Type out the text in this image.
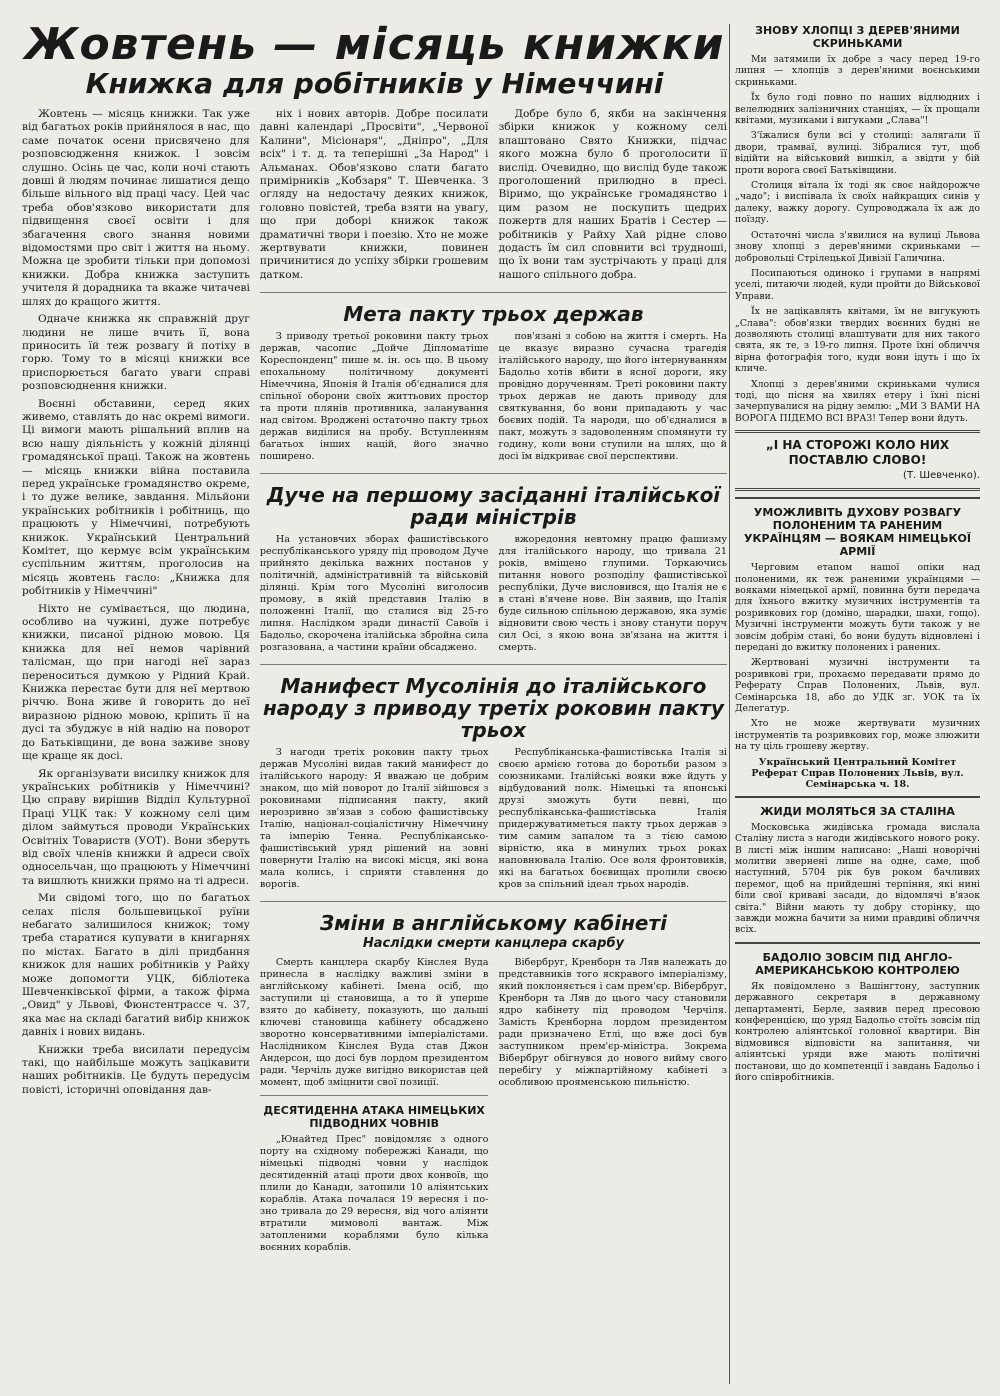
Жовтень — місяць книжки
Книжка для робітників у Німеччині

Жовтень — місяць книжки. Так уже від багатьох років прийнялося в нас, що саме початок осени присвячено для розповсюдження книжок. І зовсім слушно. Осінь це час, коли ночі стають довші й людям починає лишатися дещо більше вільного від праці часу. Цей час треба обов'язково використати для підвищення своєї освіти і для збагачення свого знання новими відомостями про світ і життя на ньому. Можна це зробити тільки при допомозі книжки. Добра книжка заступить учителя й дорадника та вкаже читачеві шлях до кращого життя.

Одначе книжка як справжній друг людини не лише вчить її, вона приносить їй теж розвагу й потіху в горю. Тому то в місяці книжки все приспорюється багато уваги справі розповсюднення книжки.

Воєнні обставини, серед яких живемо, ставлять до нас окремі вимоги. Ці вимоги мають рішальний вплив на всю нашу діяльність у кожній ділянці громадянської праці. Також на жовтень — місяць книжки війна поставила перед українське громадянство окреме, і то дуже велике, завдання. Мільйони українських робітників і робітниць, що працюють у Німеччині, потребують книжок. Український Центральний Комітет, що кермує всім українським суспільним життям, проголосив на місяць жовтень гасло: „Книжка для робітників у Німеччині"

Ніхто не сумівається, що людина, особливо на чужині, дуже потребує книжки, писаної рідною мовою. Ця книжка для неї немов чарівний талісман, що при нагоді неї зараз переноситься думкою у Рідний Край. Книжка перестає бути для неї мертвою річчю. Вона живе й говорить до неї виразною рідною мовою, кріпить її на дусі та збуджує в ній надію на поворот до Батьківщини, де вона заживе знову ще краще як досі.

Як організувати висилку книжок для українських робітників у Німеччині? Цю справу вирішив Відділ Культурної Праці УЦК так: У кожному селі цим ділом займуться проводи Українських Освітніх Товариств (УОТ). Вони зберуть від своїх членів книжки й адреси своїх односельчан, що працюють у Німеччині та вишлють книжки прямо на ті адреси.

Ми свідомі того, що по багатьох селах після большевицької руїни небагато залишилося книжок; тому треба старатися купувати в книгарнях по містах. Багато в ділі придбання книжок для наших робітників у Райху може допомогти УЦК, бібліотека Шевченківської фірми, а також фірма „Овид" у Львові, Фюнстентрассе ч. 37, яка має на складі багатий вибір книжок давніх і нових видань.

Книжки треба висилати передусім такі, що найбільше можуть зацікавити наших робітників. Це будуть передусім повісті, історичні оповідання дав-

ніх і нових авторів. Добре посилати давні календарі „Просвіти", „Червоної Калини", Місіонаря", „Дніпро", „Для всіх" і т. д. та теперішні „За Народ" і Альманах. Обов'язково слати багато примірників „Кобзаря" Т. Шевченка. З огляду на недостачу деяких книжок, головно повістей, треба взяти на увагу, що при доборі книжок також драматичні твори і поезію. Хто не може жертвувати книжки, повинен причинитися до успіху збірки грошевим датком.

Добре було б, якби на закінчення збірки книжок у кожному селі влаштовано Свято Книжки, підчас якого можна було б проголосити її вислід. Очевидно, що вислід буде також проголошений прилюдно в пресі. Віримо, що українське громадянство і цим разом не поскупить щедрих пожертв для наших Братів і Сестер — робітників у Райху Хай рідне слово додасть їм сил сповнити всі трудноші, що їх вони там зустрічають у праці для нашого спільного добра.

Мета пакту трьох держав

З приводу третьої роковини пакту трьох держав, часопис „Дойче Діпломатіше Кореспонденц" пише м. ін. ось що. В цьому епохальному політичному документі Німеччина, Японія й Італія об'єдналися для спільної оборони своїх життьових простор та проти плянів противника, заланування над світом. Вроджені остаточно пакту трьох держав виділися на пробу. Вступленням багатьох інших націй, його значно поширено.

пов'язані з собою на життя і смерть. На це вказує виразно сучасна трагедія італійського народу, що його інтернуванням Бадольо хотів вбити в ясної дороги, яку провідно дорученням. Треті роковини пакту трьох держав не дають приводу для святкування, бо вони припадають у час боєвих подій. Та народи, що об'єдналися в пакт, можуть з задоволенням спомянути ту годину, коли вони ступили на шлях, що й досі їм відкриває свої перспективи.

Дуче на першому засіданні італійської ради міністрів

На установчих зборах фашистівського республіканського уряду під проводом Дуче прийнято декілька важних постанов у політичній, адміністративній та військовій ділянці. Крім того Мусоліні виголосив промову, в якій представив Італію в положенні Італії, що сталися від 25-го липня. Наслідком зради династії Савоїв і Бадольо, скорочена італійська збройна сила розгазована, а частини країни обсаджено.

вжоредоння невтомну працю фашизму для італійського народу, що тривала 21 років, вміщено глупими. Торкаючись питання нового розподілу фашистівської республіки, Дуче висловився, що Італія не є в стані в'ячене нове. Він заявив, що Італія буде сильною спільною державою, яка зуміє відновити свою честь і знову станути поруч сил Осі, з якою вона зв'язана на життя і смерть.

Манифест Мусолінія до італійського народу з приводу третіх роковин пакту трьох

З нагоди третіх роковин пакту трьох держав Мусоліні видав такий манифест до італійського народу: Я вважаю це добрим знаком, що мій поворот до Італії зійшовся з роковинами підписання пакту, який нерозривно зв'язав з собою фашистівську Італію, націонал-соціалістичну Німеччину та імперію Тенна. Республікансько-фашистівський уряд рішений на зовні повернути Італію на високі місця, які вона мала колись, і сприяти ставлення до ворогів.

Республіканська-фашистівська Італія зі своєю армією готова до боротьби разом з союзниками. Італійські вояки вже йдуть у відбудований полк. Німецькі та японські друзі зможуть бути певні, що республіканська-фашистівська Італія придержуватиметься пакту трьох держав з тим самим запалом та з тією самою вірністю, яка в минулих трьох роках наповнювала Італію. Осе воля фронтовиків, які на багатьох боєвищах пролили своєю кров за спільний ідеал трьох народів.

Зміни в англійському кабінеті
Наслідки смерти канцлера скарбу

Смерть канцлера скарбу Кінслея Вуда принесла в наслідку важливі зміни в англійському кабінеті. Імена осіб, що заступили ці становища, а то й уперше взято до кабінету, показують, що дальші ключеві становища кабінету обсаджено зворотно консервативними імперіалістами. Наслідником Кінслея Вуда став Джон Андерсон, що досі був лордом президентом ради. Черчіль дуже вигідно використав цей момент, щоб зміцнити свої позиції.

ДЕСЯТИДЕННА АТАКА НІМЕЦЬКИХ ПІДВОДНИХ ЧОВНІВ

„Юнайтед Прес" повідомляє з одного порту на східному побережжі Канади, що німецькі підводні човни у наслідок десятиденній атаці проти двох конвоїв, що плили до Канади, затопили 10 аліянтських кораблів. Атака почалася 19 вересня і по-зно тривала до 29 вересня, від чого аліянти втратили мимоволі вантаж. Між затопленими кораблями було кілька воєнних кораблів.

Вібербруг, Кренборн та Ляв належать до представників того яскравого імперіалізму, який поклоняється і сам прем'єр. Вібербруг, Кренборн та Ляв до цього часу становили ядро кабінету під проводом Черчіля. Замість Кренборна лордом президентом ради призначено Етлі, що вже досі був заступником прем'єр-міністра. Зокрема Вібербруг обігнувся до нового вийму свого перебігу у міжпартійному кабінеті з особливою прояменською пильністю.

ЗНОВУ ХЛОПЦІ З ДЕРЕВ'ЯНИМИ СКРИНЬКАМИ

Ми затямили їх добре з часу перед 19-го липня — хлопців з дерев'яними воєнськими скриньками.

Їх було годі повно по наших відлюдних і велелюдних залізничних станціях, — їх прощали квітами, музиками і вигуками „Слава"!

З'їжалися були всі у столиці: залягали її двори, трамваї, вулиці. Зібралися тут, щоб відійти на військовий вишкіл, а звідти у бій проти ворога своєї Батьківщини.

Столиця вітала їх тоді як своє найдорожче „чадо"; і виспівала їх своїх найкращих синів у далеку, важку дорогу. Супроводжала їх аж до поїзду.

Остаточні числа з'явилися на вулиці Львова знову хлопці з дерев'яними скриньками — добровольці Стрілецької Дивізії Галичина.

Посипаються одиноко і групами в напрямі уселі, питаючи людей, куди пройти до Військової Управи.

Їх не зацікавлять квітами, їм не вигукують „Слава": обов'язки твердих воєнних будні не дозволяють столиці влаштувати для них такого свята, як те, з 19-го липня. Проте їхні обличчя вірна фотографія того, куди вони ідуть і що їх кличе.

Хлопці з дерев'яними скриньками чулися тоді, що пісня на хвилях етеру і їхні пісні зачерпувалися на рідну землю: „МИ З ВАМИ НА ВОРОГА ПІДЕМО ВСІ ВРАЗ! Тепер вони йдуть.

„І НА СТОРОЖІ КОЛО НИХ ПОСТАВЛЮ СЛОВО!
(Т. Шевченко).
УМОЖЛИВІТЬ ДУХОВУ РОЗВАГУ ПОЛОНЕНИМ ТА РАНЕНИМ УКРАЇНЦЯМ — ВОЯКАМ НІМЕЦЬКОЇ АРМІЇ

Черговим етапом нашої опіки над полоненими, як теж раненими українцями — вояками німецької армії, повинна бути передача для їхнього вжитку музичних інструментів та розривкових гор (доміно, шарадки, шахи, гощо). Музичні інструменти можуть бути також у не зовсім добрім стані, бо вони будуть відновлені і передані до вжитку полонених і ранених.

Жертвовані музичні інструменти та розривкові гри, прохаємо передавати прямо до Реферату Справ Полонених, Львів, вул. Семінарська 18, або до УДК зг. УОК та їх Делегатур.

Хто не може жертвувати музичних інструментів та розривкових гор, може злюжити на ту ціль грошеву жертву.

Український Центральний Комітет Реферат Справ Полонених Львів, вул. Семінарська ч. 18.
ЖИДИ МОЛЯТЬСЯ ЗА СТАЛІНА

Московська жидівська громада вислала Сталіну листа з нагоди жидівського нового року. В листі між іншим написано: „Наші новорічні молитви звернені лише на одне, саме, щоб наступний, 5704 рік був роком бачливих перемог, щоб на прийдешні терпіння, які нині біли свої криваві засади, до відомлячі в'язок світа." Війни мають ту добру сторінку, що завжди можна бачити за ними правдиві обличчя всіх.

БАДОЛІО ЗОВСІМ ПІД АНГЛО-АМЕРИКАНСЬКОЮ КОНТРОЛЕЮ

Як повідомлено з Вашінгтону, заступник державного секретаря в державному департаменті, Берле, заявив перед пресовою конференцією, що уряд Бадольо стоїть зовсім під контролею аліянтської головної квартири. Він відмовився відповісти на запитання, чи аліянтські уряди вже мають політичні постанови, що до компетенції і завдань Бадольо і його співробітників.
